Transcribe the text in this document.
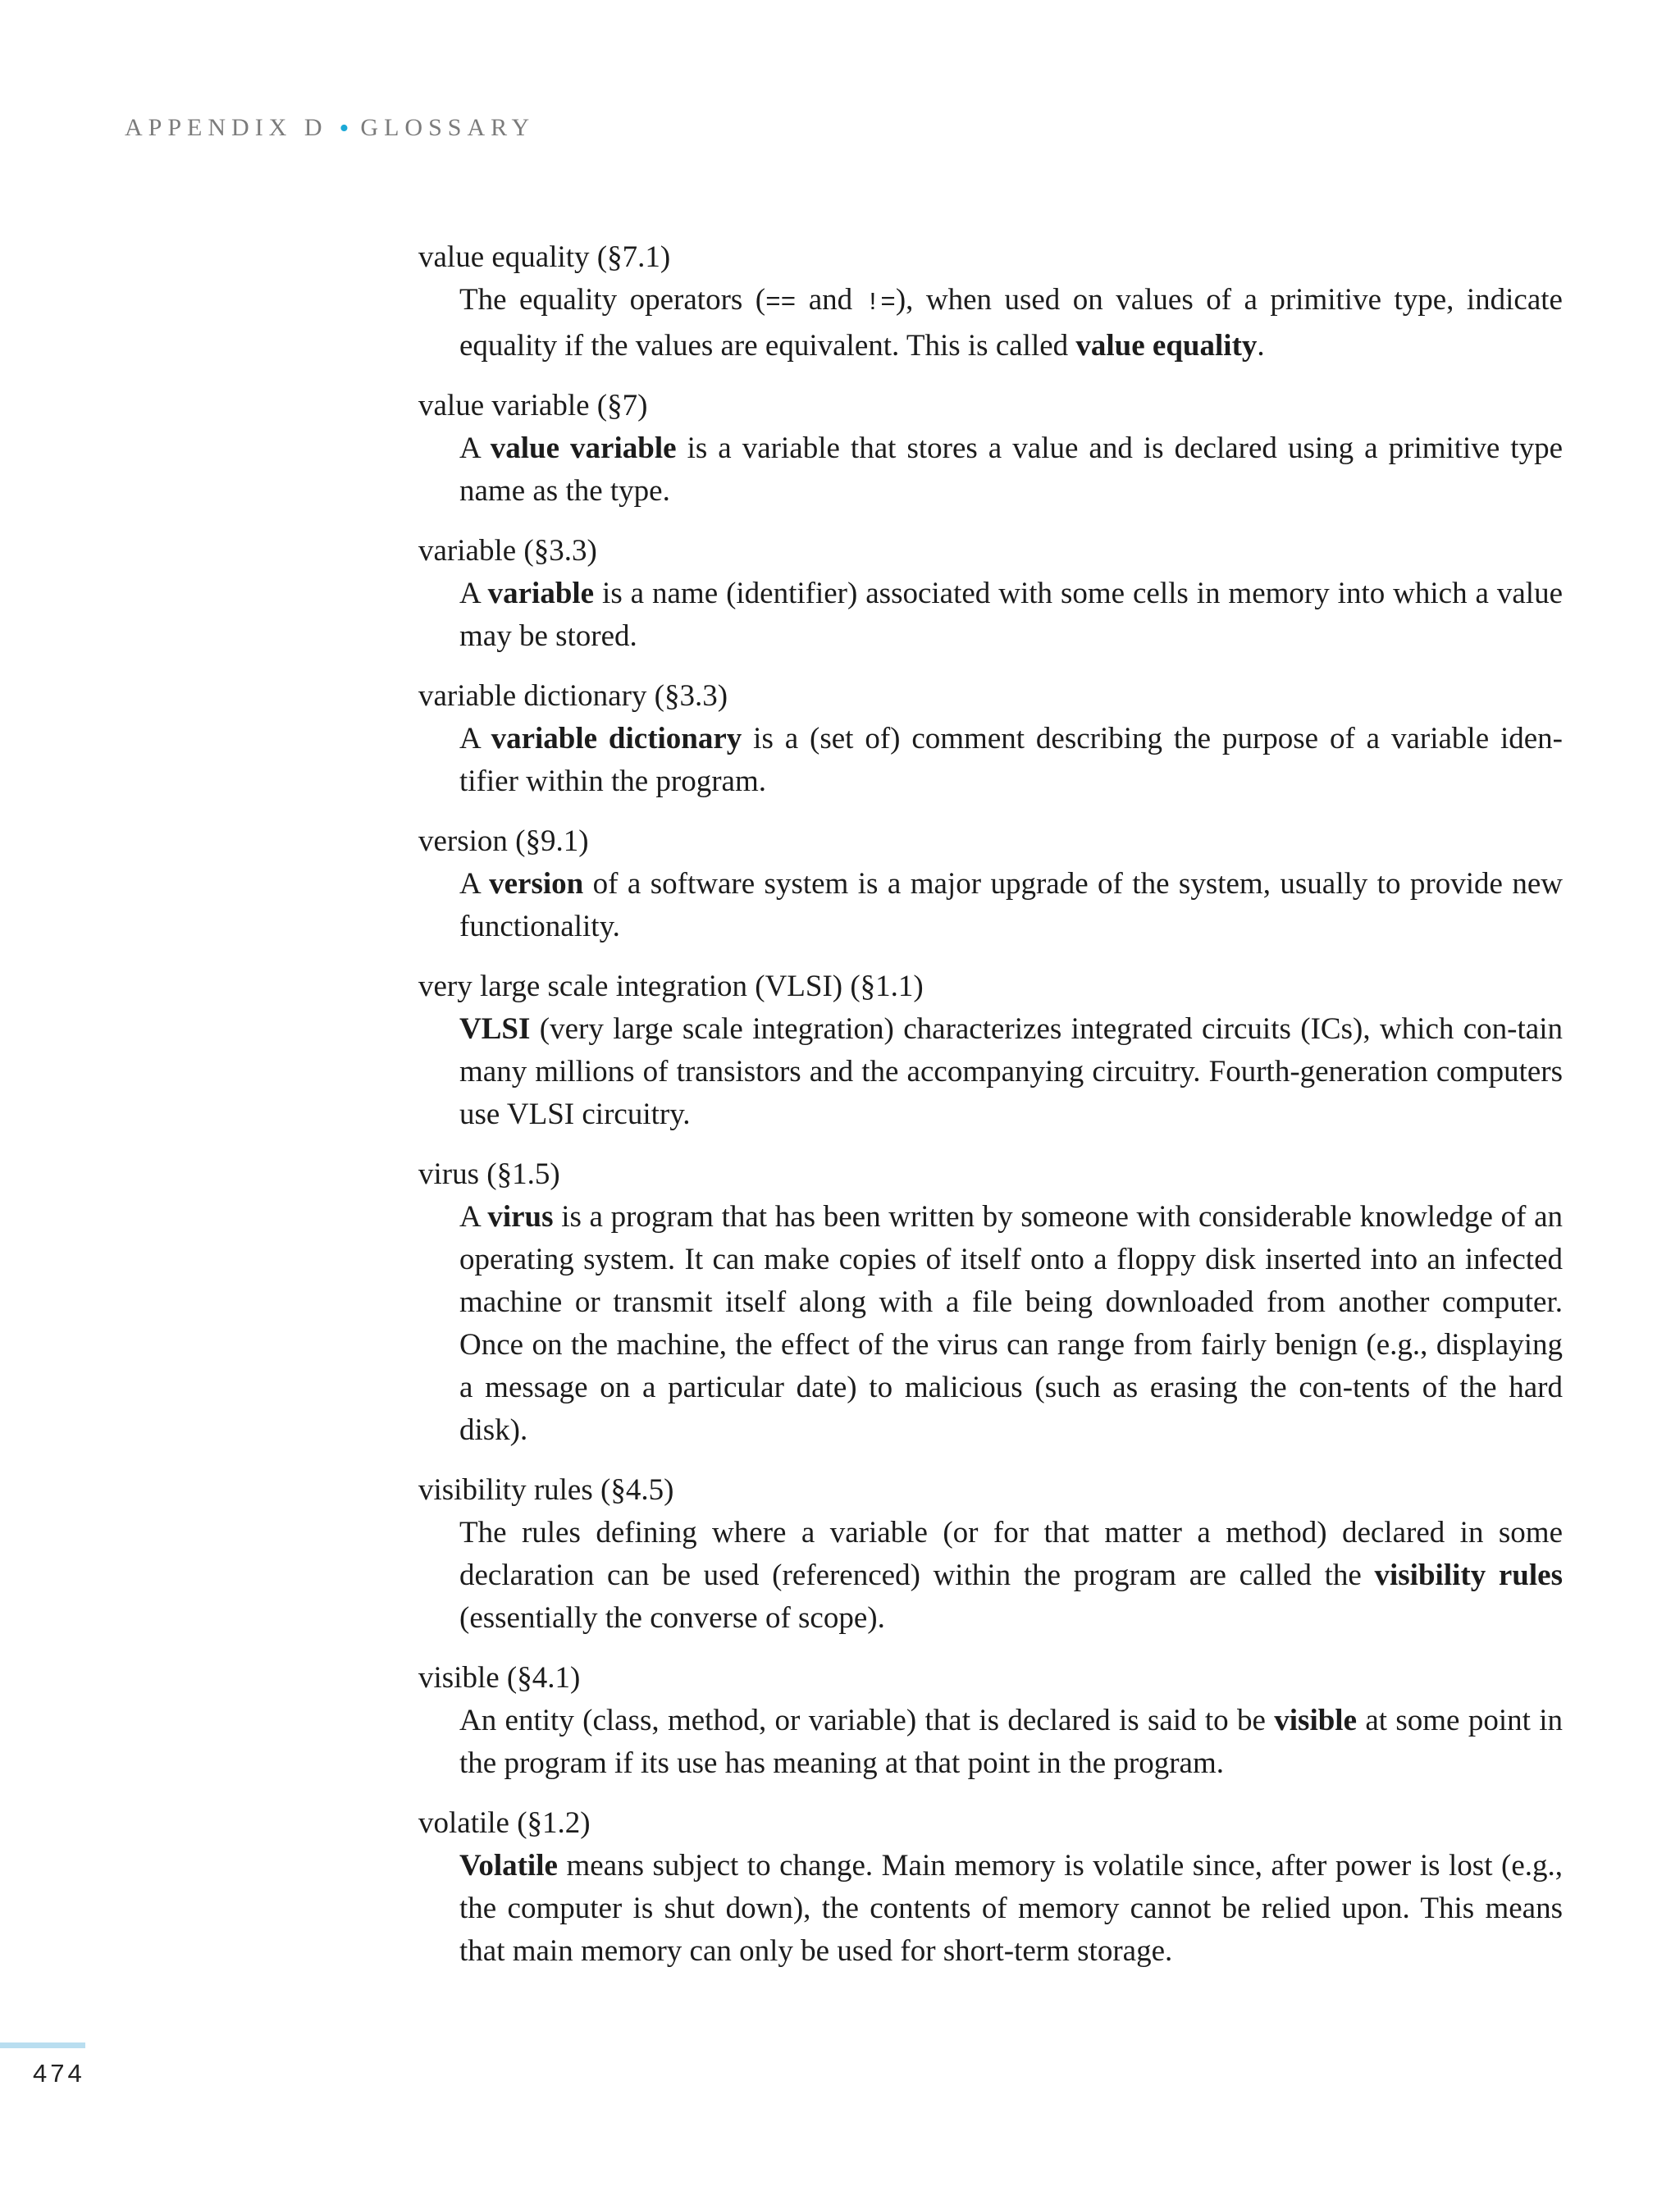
APPENDIX D • GLOSSARY
value equality (§7.1)
The equality operators (== and !=), when used on values of a primitive type, indicate equality if the values are equivalent. This is called value equality.
value variable (§7)
A value variable is a variable that stores a value and is declared using a primitive type name as the type.
variable (§3.3)
A variable is a name (identifier) associated with some cells in memory into which a value may be stored.
variable dictionary (§3.3)
A variable dictionary is a (set of) comment describing the purpose of a variable iden-tifier within the program.
version (§9.1)
A version of a software system is a major upgrade of the system, usually to provide new functionality.
very large scale integration (VLSI) (§1.1)
VLSI (very large scale integration) characterizes integrated circuits (ICs), which con-tain many millions of transistors and the accompanying circuitry. Fourth-generation computers use VLSI circuitry.
virus (§1.5)
A virus is a program that has been written by someone with considerable knowledge of an operating system. It can make copies of itself onto a floppy disk inserted into an infected machine or transmit itself along with a file being downloaded from another computer. Once on the machine, the effect of the virus can range from fairly benign (e.g., displaying a message on a particular date) to malicious (such as erasing the con-tents of the hard disk).
visibility rules (§4.5)
The rules defining where a variable (or for that matter a method) declared in some declaration can be used (referenced) within the program are called the visibility rules (essentially the converse of scope).
visible (§4.1)
An entity (class, method, or variable) that is declared is said to be visible at some point in the program if its use has meaning at that point in the program.
volatile (§1.2)
Volatile means subject to change. Main memory is volatile since, after power is lost (e.g., the computer is shut down), the contents of memory cannot be relied upon. This means that main memory can only be used for short-term storage.
474
